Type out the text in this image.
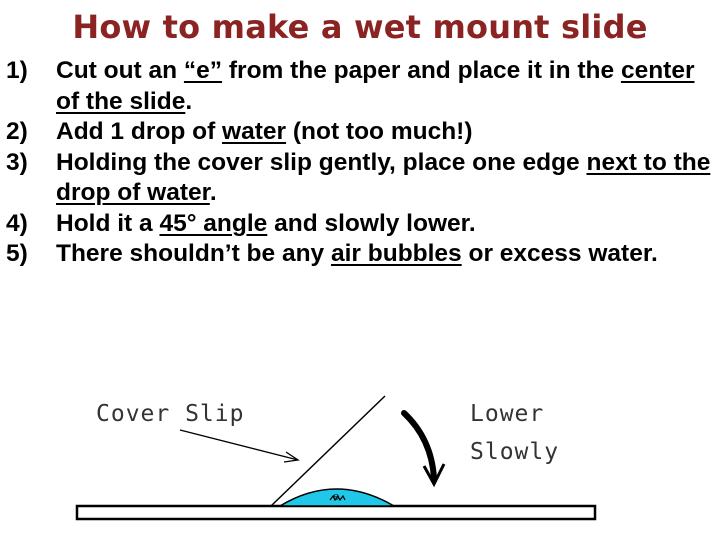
How to make a wet mount slide
1) Cut out an “e” from the paper and place it in the center of the slide.
2) Add 1 drop of water (not too much!)
3) Holding the cover slip gently, place one edge next to the drop of water.
4) Hold it a 45° angle and slowly lower.
5) There shouldn’t be any air bubbles or excess water.
e
Cover Slip	Lower
Slowly
